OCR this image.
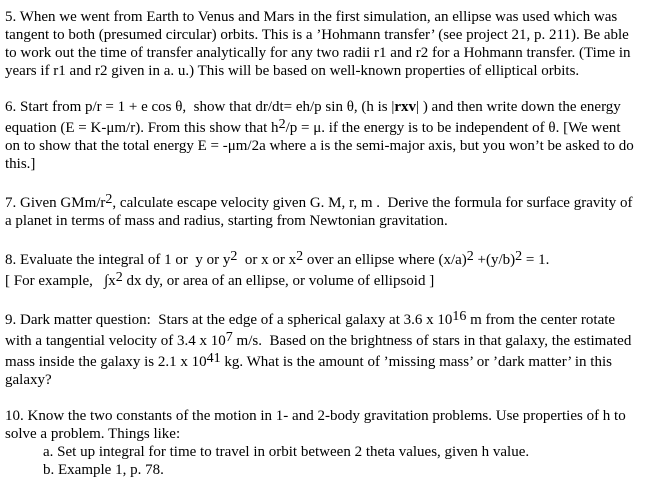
5. When we went from Earth to Venus and Mars in the first simulation, an ellipse was used which was
tangent to both (presumed circular) orbits. This is a ’Hohmann transfer’ (see project 21, p. 211). Be able
to work out the time of transfer analytically for any two radii r1 and r2 for a Hohmann transfer. (Time in
years if r1 and r2 given in a. u.) This will be based on well-known properties of elliptical orbits.
6. Start from p/r = 1 + e cos θ,  show that dr/dt= eh/p sin θ, (h is |rxv| ) and then write down the energy
equation (E = K-μm/r). From this show that $h^2/p = \mu$. if the energy is to be independent of θ. [We went
on to show that the total energy E = -μm/2a where a is the semi-major axis, but you won’t be asked to do
this.]
7. Given GMm/$r^2$, calculate escape velocity given G. M, r, m .  Derive the formula for surface gravity of
a planet in terms of mass and radius, starting from Newtonian gravitation.
8. Evaluate the integral of 1 or  y or $y^2$  or x or $x^2$ over an ellipse where $(x/a)^2 +(y/b)^2 = 1$.
[ For example,   $\int x^2$ dx dy, or area of an ellipse, or volume of ellipsoid ]
9. Dark matter question:  Stars at the edge of a spherical galaxy at 3.6 x $10^{16}$ m from the center rotate
with a tangential velocity of 3.4 x $10^7$ m/s.  Based on the brightness of stars in that galaxy, the estimated
mass inside the galaxy is 2.1 x $10^{41}$ kg. What is the amount of ’missing mass’ or ’dark matter’ in this
galaxy?
10. Know the two constants of the motion in 1- and 2-body gravitation problems. Use properties of h to
solve a problem. Things like:
a. Set up integral for time to travel in orbit between 2 theta values, given h value.
b. Example 1, p. 78.
